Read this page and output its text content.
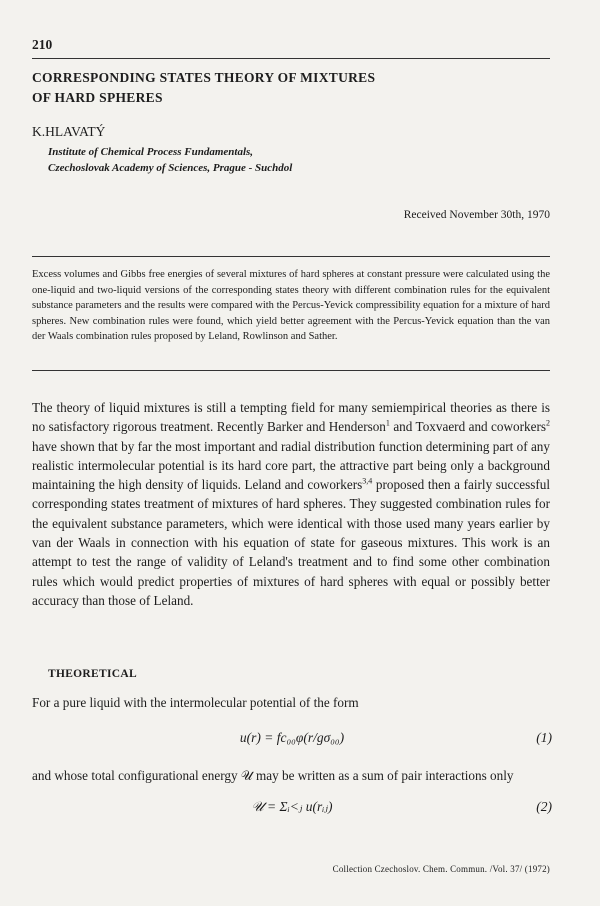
210
CORRESPONDING STATES THEORY OF MIXTURES
OF HARD SPHERES
K.HLAVATÝ
Institute of Chemical Process Fundamentals,
Czechoslovak Academy of Sciences, Prague - Suchdol
Received November 30th, 1970
Excess volumes and Gibbs free energies of several mixtures of hard spheres at constant pressure were calculated using the one-liquid and two-liquid versions of the corresponding states theory with different combination rules for the equivalent substance parameters and the results were compared with the Percus-Yevick compressibility equation for a mixture of hard spheres. New combination rules were found, which yield better agreement with the Percus-Yevick equation than the van der Waals combination rules proposed by Leland, Rowlinson and Sather.
The theory of liquid mixtures is still a tempting field for many semiempirical theories as there is no satisfactory rigorous treatment. Recently Barker and Henderson$^1$ and Toxvaerd and coworkers$^2$ have shown that by far the most important and radial distribution function determining part of any realistic intermolecular potential is its hard core part, the attractive part being only a background maintaining the high density of liquids. Leland and coworkers$^{3,4}$ proposed then a fairly successful corresponding states treatment of mixtures of hard spheres. They suggested combination rules for the equivalent substance parameters, which were identical with those used many years earlier by van der Waals in connection with his equation of state for gaseous mixtures. This work is an attempt to test the range of validity of Leland's treatment and to find some other combination rules which would predict properties of mixtures of hard spheres with equal or possibly better accuracy than those of Leland.
THEORETICAL
For a pure liquid with the intermolecular potential of the form
u(r) = fc₀₀φ(r/gσ₀₀)	(1)
and whose total configurational energy 𝒰 may be written as a sum of pair interactions only
𝒰 = Σᵢ<ⱼ u(rᵢⱼ)	(2)
Collection Czechoslov. Chem. Commun. /Vol. 37/ (1972)
